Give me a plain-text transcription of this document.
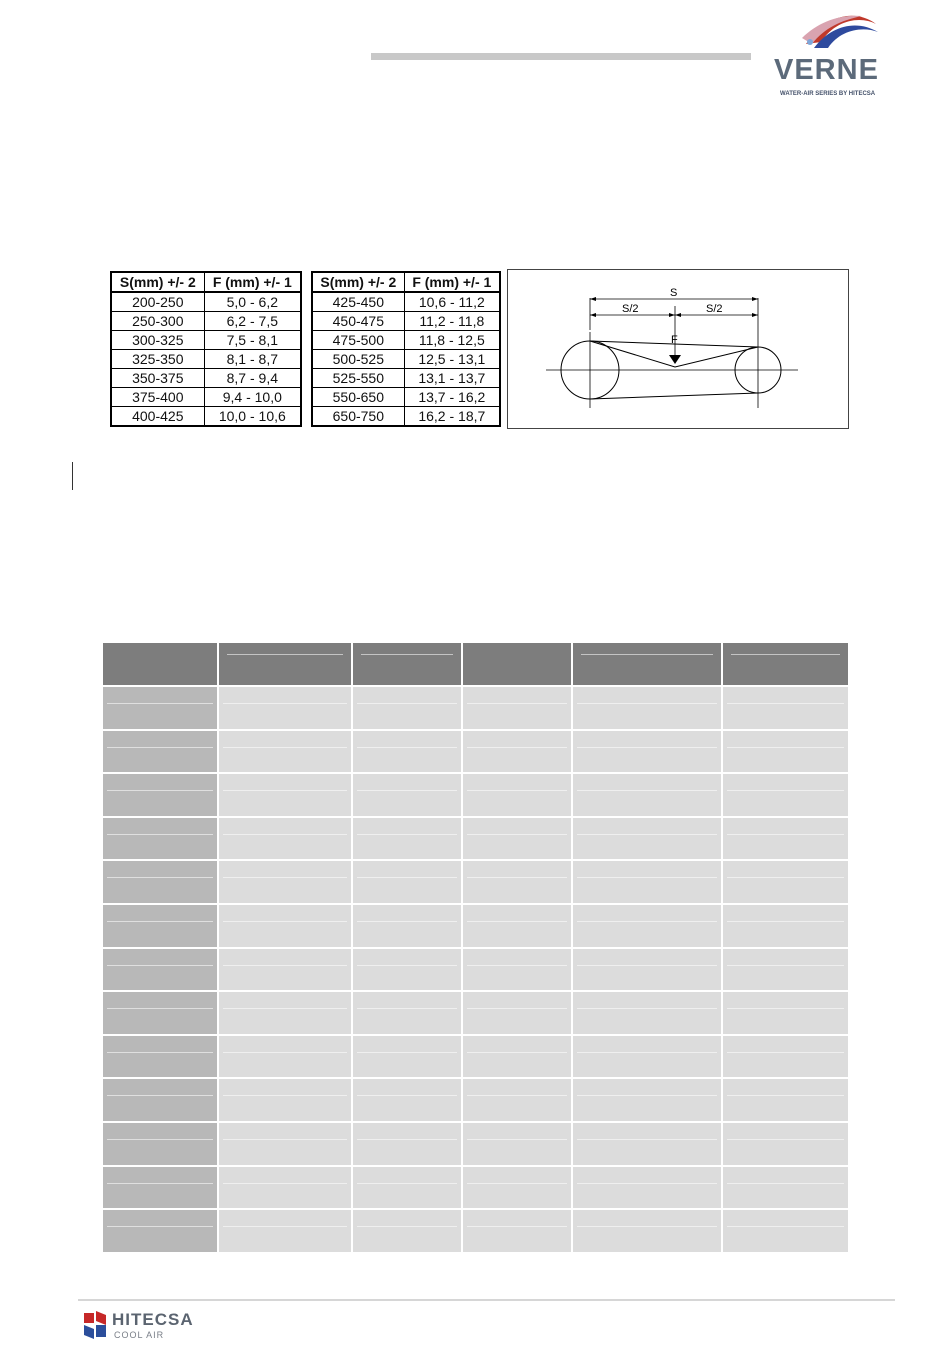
VERNE
WATER-AIR SERIES BY HITECSA
S(mm) +/- 2	F (mm) +/- 1
200-250	5,0 - 6,2
250-300	6,2 - 7,5
300-325	7,5 - 8,1
325-350	8,1 - 8,7
350-375	8,7 - 9,4
375-400	9,4 - 10,0
400-425	10,0 - 10,6
S(mm) +/- 2	F (mm) +/- 1
425-450	10,6 - 11,2
450-475	11,2 - 11,8
475-500	11,8 - 12,5
500-525	12,5 - 13,1
525-550	13,1 - 13,7
550-650	13,7 - 16,2
650-750	16,2 - 18,7
S
S/2	S/2
F
HITECSA
COOL AIR
